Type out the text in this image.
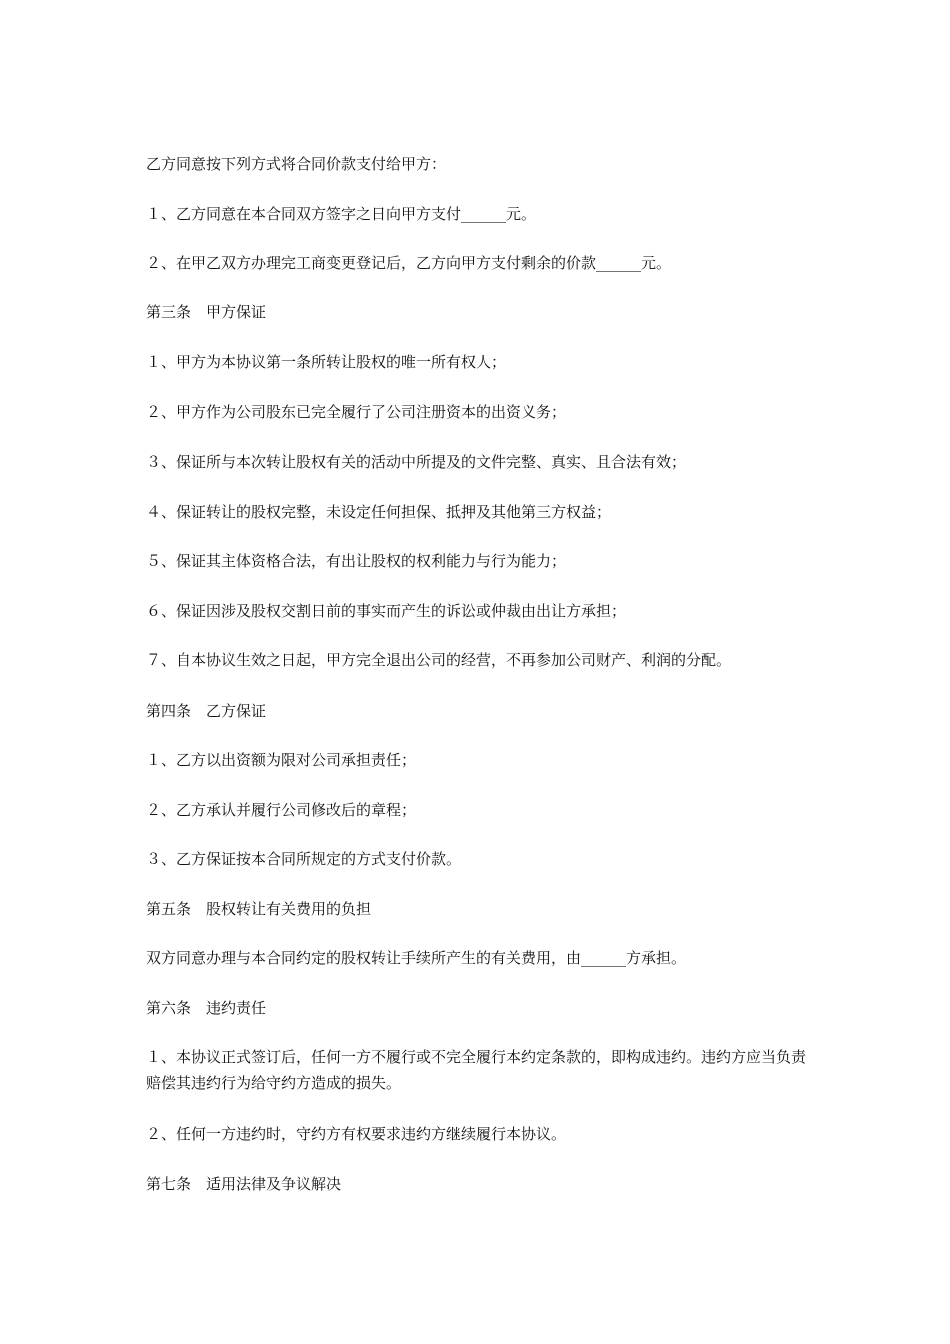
乙方同意按下列方式将合同价款支付给甲方：
１、乙方同意在本合同双方签字之日向甲方支付______元。
２、在甲乙双方办理完工商变更登记后，乙方向甲方支付剩余的价款______元。
第三条　甲方保证
１、甲方为本协议第一条所转让股权的唯一所有权人；
２、甲方作为公司股东已完全履行了公司注册资本的出资义务；
３、保证所与本次转让股权有关的活动中所提及的文件完整、真实、且合法有效；
４、保证转让的股权完整，未设定任何担保、抵押及其他第三方权益；
５、保证其主体资格合法，有出让股权的权利能力与行为能力；
６、保证因涉及股权交割日前的事实而产生的诉讼或仲裁由出让方承担；
７、自本协议生效之日起，甲方完全退出公司的经营，不再参加公司财产、利润的分配。
第四条　乙方保证
１、乙方以出资额为限对公司承担责任；
２、乙方承认并履行公司修改后的章程；
３、乙方保证按本合同所规定的方式支付价款。
第五条　股权转让有关费用的负担
双方同意办理与本合同约定的股权转让手续所产生的有关费用，由______方承担。
第六条　违约责任
１、本协议正式签订后，任何一方不履行或不完全履行本约定条款的，即构成违约。违约方应当负责赔偿其违约行为给守约方造成的损失。
２、任何一方违约时，守约方有权要求违约方继续履行本协议。
第七条　适用法律及争议解决
